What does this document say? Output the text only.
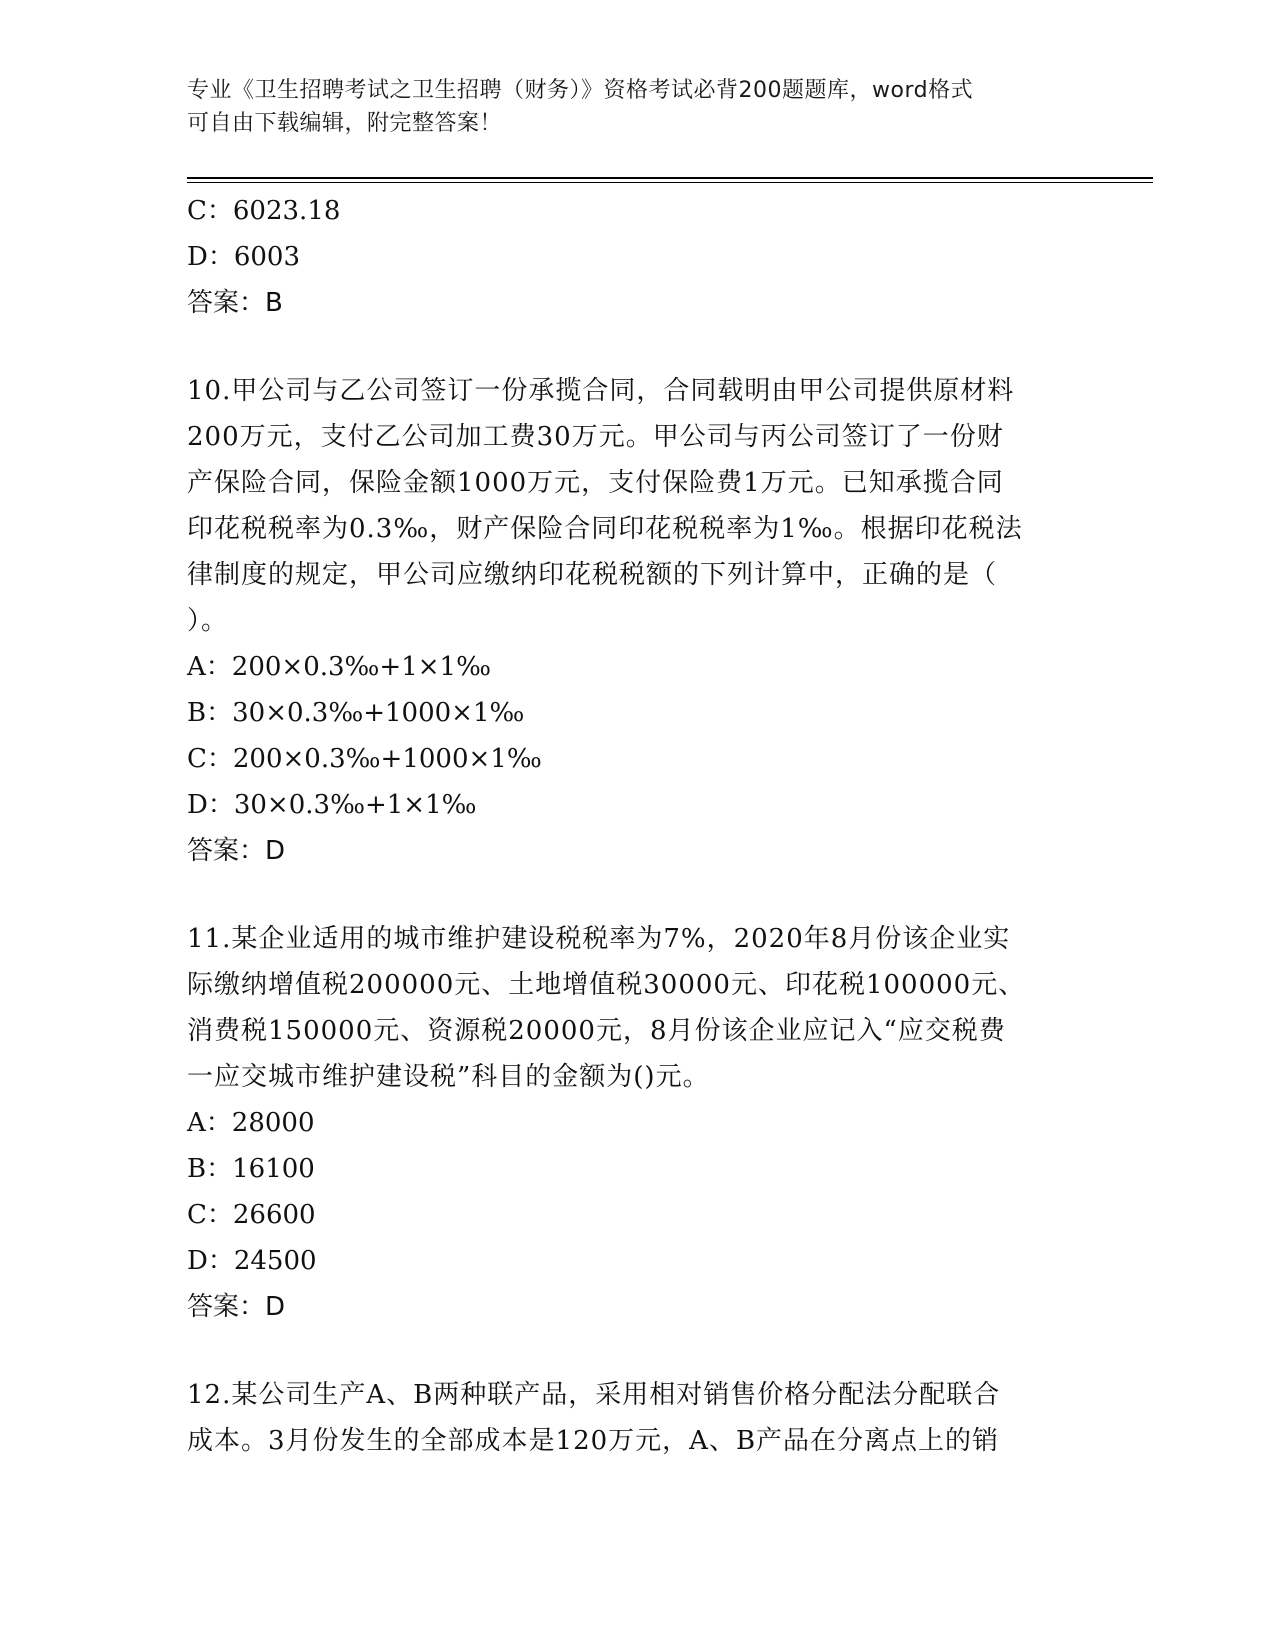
专业《卫生招聘考试之卫生招聘（财务）》资格考试必背200题题库，word格式
可自由下载编辑，附完整答案！
C：6023.18
D：6003
答案：B
10.甲公司与乙公司签订一份承揽合同，合同载明由甲公司提供原材料
200万元，支付乙公司加工费30万元。甲公司与丙公司签订了一份财
产保险合同，保险金额1000万元，支付保险费1万元。已知承揽合同
印花税税率为0.3‰，财产保险合同印花税税率为1‰。根据印花税法
律制度的规定，甲公司应缴纳印花税税额的下列计算中，正确的是（
）。
A：200×0.3‰+1×1‰
B：30×0.3‰+1000×1‰
C：200×0.3‰+1000×1‰
D：30×0.3‰+1×1‰
答案：D
11.某企业适用的城市维护建设税税率为7%，2020年8月份该企业实
际缴纳增值税200000元、土地增值税30000元、印花税100000元、
消费税150000元、资源税20000元，8月份该企业应记入“应交税费
一应交城市维护建设税”科目的金额为()元。
A：28000
B：16100
C：26600
D：24500
答案：D
12.某公司生产A、B两种联产品，采用相对销售价格分配法分配联合
成本。3月份发生的全部成本是120万元，A、B产品在分离点上的销
